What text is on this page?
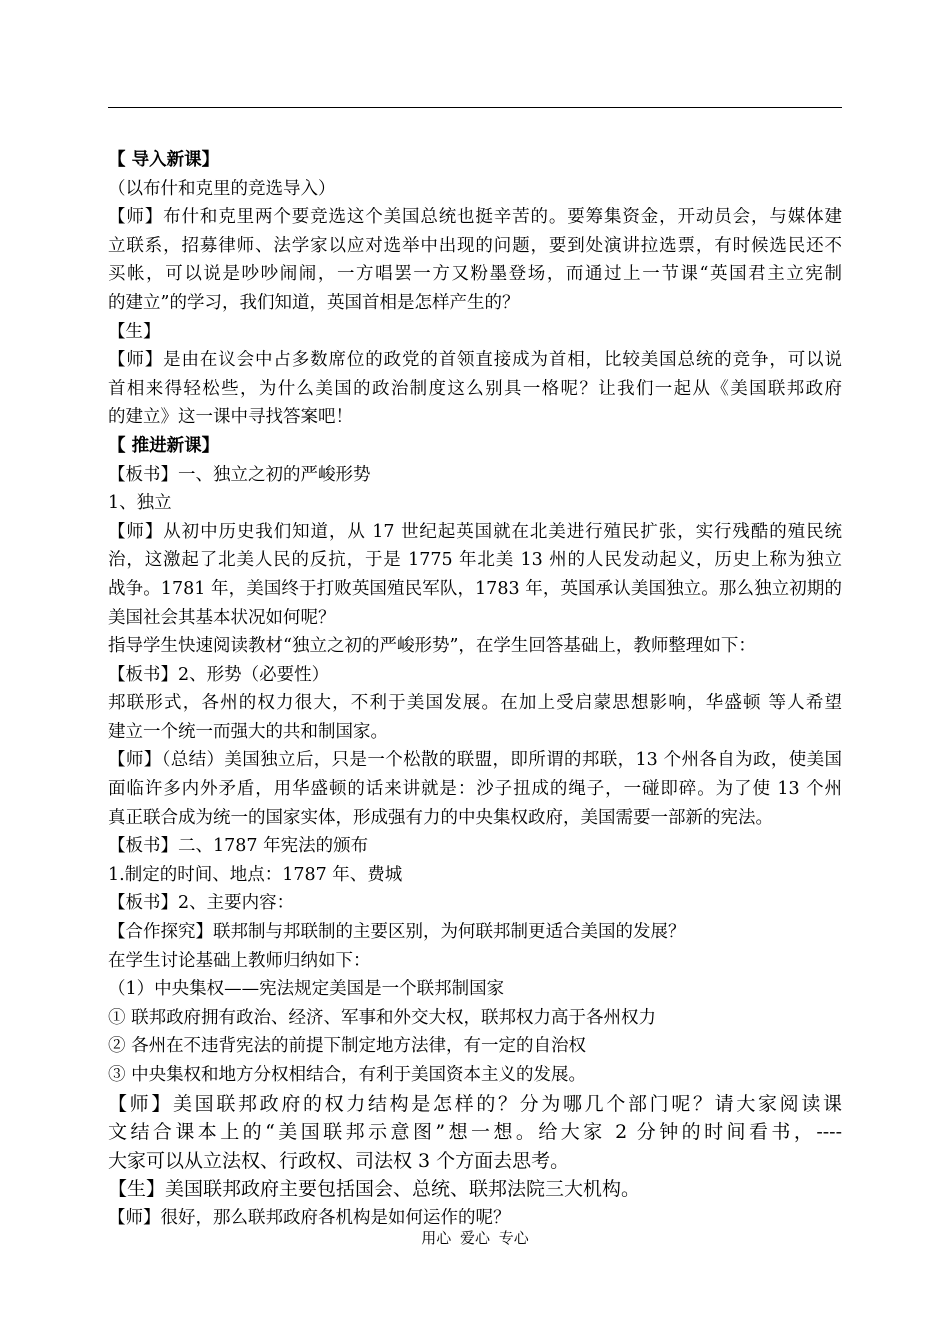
【 导入新课】
（以布什和克里的竞选导入）
【师】布什和克里两个要竞选这个美国总统也挺辛苦的。要筹集资金，开动员会，与媒体建
立联系，招募律师、法学家以应对选举中出现的问题，要到处演讲拉选票，有时候选民还不
买帐，可以说是吵吵闹闹，一方唱罢一方又粉墨登场，而通过上一节课“英国君主立宪制
的建立”的学习，我们知道，英国首相是怎样产生的？
【生】
【师】是由在议会中占多数席位的政党的首领直接成为首相，比较美国总统的竞争，可以说
首相来得轻松些，为什么美国的政治制度这么别具一格呢？让我们一起从《美国联邦政府
的建立》这一课中寻找答案吧！
【 推进新课】
【板书】一、独立之初的严峻形势
1、独立
【师】从初中历史我们知道，从 17 世纪起英国就在北美进行殖民扩张，实行残酷的殖民统
治，这激起了北美人民的反抗，于是 1775 年北美 13 州的人民发动起义，历史上称为独立
战争。1781 年，美国终于打败英国殖民军队，1783 年，英国承认美国独立。那么独立初期的
美国社会其基本状况如何呢？
指导学生快速阅读教材“独立之初的严峻形势”，在学生回答基础上，教师整理如下：
【板书】2、形势（必要性）
邦联形式，各州的权力很大，不利于美国发展。在加上受启蒙思想影响，华盛顿 等人希望
建立一个统一而强大的共和制国家。
【师】（总结）美国独立后，只是一个松散的联盟，即所谓的邦联，13 个州各自为政，使美国
面临许多内外矛盾，用华盛顿的话来讲就是：沙子扭成的绳子，一碰即碎。为了使 13 个州
真正联合成为统一的国家实体，形成强有力的中央集权政府，美国需要一部新的宪法。
【板书】二、1787 年宪法的颁布
1.制定的时间、地点：1787 年、费城
【板书】2、主要内容：
【合作探究】联邦制与邦联制的主要区别，为何联邦制更适合美国的发展？
在学生讨论基础上教师归纳如下：
（1）中央集权——宪法规定美国是一个联邦制国家
① 联邦政府拥有政治、经济、军事和外交大权，联邦权力高于各州权力
② 各州在不违背宪法的前提下制定地方法律，有一定的自治权
③ 中央集权和地方分权相结合，有利于美国资本主义的发展。
【师】美国联邦政府的权力结构是怎样的？分为哪几个部门呢？请大家阅读课
文结合课本上的“美国联邦示意图”想一想。给大家 2 分钟的时间看书，----
大家可以从立法权、行政权、司法权 3 个方面去思考。
【生】美国联邦政府主要包括国会、总统、联邦法院三大机构。
【师】很好，那么联邦政府各机构是如何运作的呢？
用心 爱心 专心
